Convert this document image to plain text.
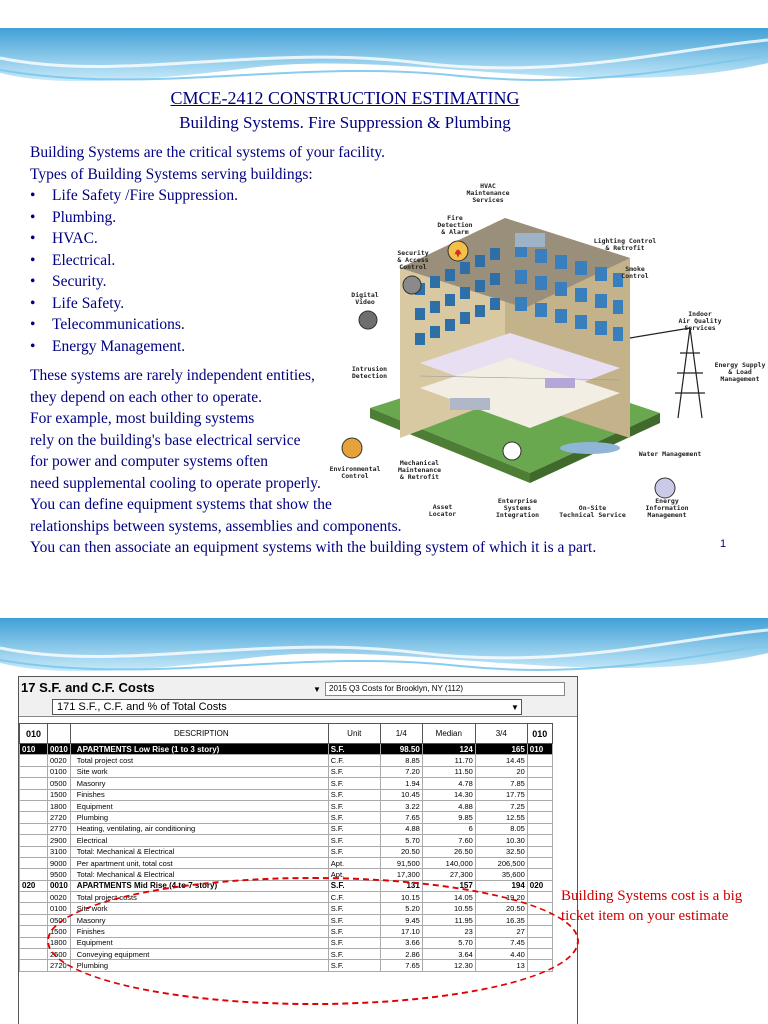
CMCE-2412 CONSTRUCTION ESTIMATING
Building Systems. Fire Suppression & Plumbing
Building Systems are the critical systems of your facility.
Types of Building Systems serving buildings:
• Life Safety /Fire Suppression.
• Plumbing.
• HVAC.
• Electrical.
• Security.
• Life Safety.
• Telecommunications.
• Energy Management.
These systems are rarely independent entities,
they depend on each other to operate.
For example, most building systems
rely on the building's base electrical service
for power and computer systems often
need supplemental cooling to operate properly.
You can define equipment systems that show the
relationships between systems, assemblies and components.
You can then associate an equipment systems with the building system of which it is a part.	1
HVAC
Maintenance
Services
Fire
Detection
& Alarm
Security
& Access
Control
Lighting Control
& Retrofit
Smoke
Control
Digital
Video
Indoor
Air Quality
Services
Intrusion
Detection
Energy Supply
& Load
Management
Water Management
Environmental
Control
Mechanical
Maintenance
& Retrofit
Asset
Locator
Enterprise
Systems
Integration
On-Site
Technical Service
Energy
Information
Management
17 S.F. and C.F. Costs	▼	2015 Q3 Costs for Brooklyn, NY (112)
171 S.F., C.F. and % of Total Costs	▼
010		DESCRIPTION	Unit	1/4	Median	3/4	010
010	0010	APARTMENTS Low Rise (1 to 3 story)	S.F.	98.50	124	165	010
	0020	Total project cost	C.F.	8.85	11.70	14.45	
	0100	Site work	S.F.	7.20	11.50	20	
	0500	Masonry	S.F.	1.94	4.78	7.85	
	1500	Finishes	S.F.	10.45	14.30	17.75	
	1800	Equipment	S.F.	3.22	4.88	7.25	
	2720	Plumbing	S.F.	7.65	9.85	12.55	
	2770	Heating, ventilating, air conditioning	S.F.	4.88	6	8.05	
	2900	Electrical	S.F.	5.70	7.60	10.30	
	3100	Total: Mechanical & Electrical	S.F.	20.50	26.50	32.50	
	9000	Per apartment unit, total cost	Apt.	91,500	140,000	206,500	
	9500	Total: Mechanical & Electrical	Apt.	17,300	27,300	35,600	
020	0010	APARTMENTS Mid Rise (4 to 7 story)	S.F.	131	157	194	020
	0020	Total project costs	C.F.	10.15	14.05	19.20	
	0100	Site work	S.F.	5.20	10.55	20.50	
	0500	Masonry	S.F.	9.45	11.95	16.35	
	1500	Finishes	S.F.	17.10	23	27	
	1800	Equipment	S.F.	3.66	5.70	7.45	
	2500	Conveying equipment	S.F.	2.86	3.64	4.40	
	2720	Plumbing	S.F.	7.65	12.30	13	
Building Systems cost is a big ticket item on your estimate
